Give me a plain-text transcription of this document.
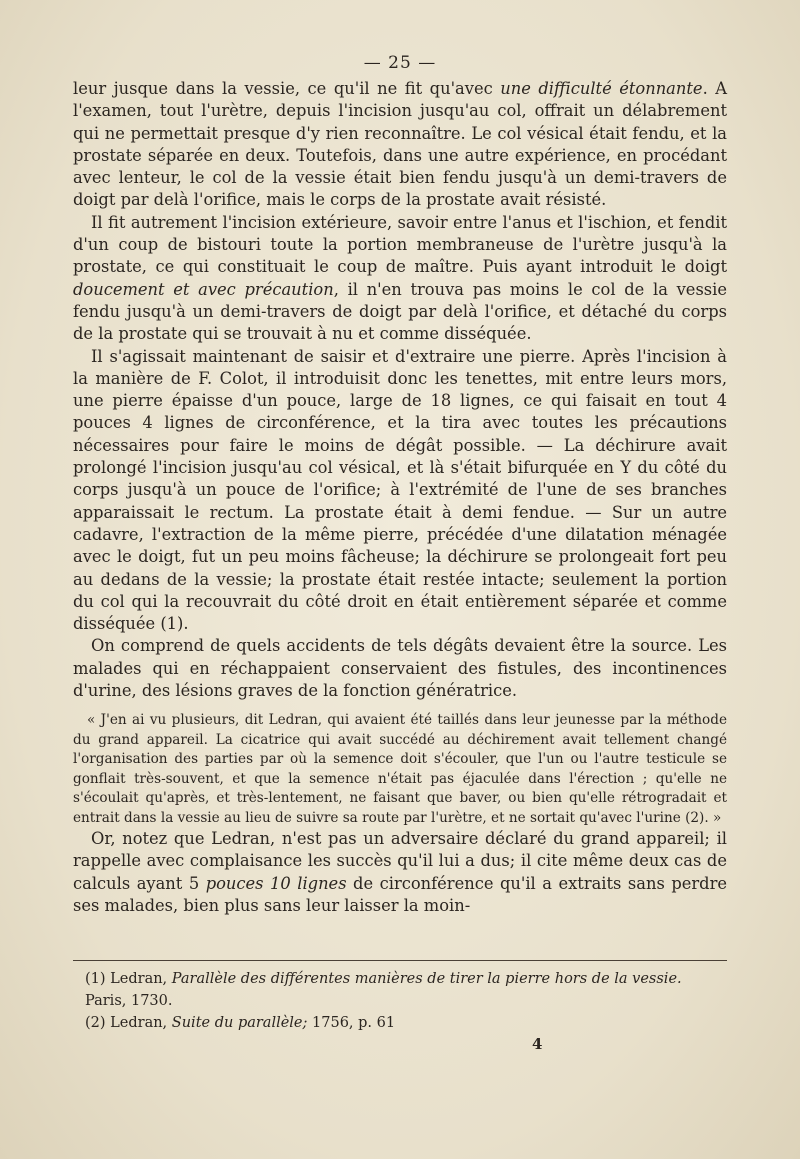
— 25 —

leur jusque dans la vessie, ce qu'il ne fit qu'avec une difficulté étonnante. A l'examen, tout l'urètre, depuis l'incision jusqu'au col, offrait un délabrement qui ne permettait presque d'y rien reconnaître. Le col vésical était fendu, et la prostate séparée en deux. Toutefois, dans une autre expérience, en procédant avec lenteur, le col de la vessie était bien fendu jusqu'à un demi-travers de doigt par delà l'orifice, mais le corps de la prostate avait résisté.

Il fit autrement l'incision extérieure, savoir entre l'anus et l'ischion, et fendit d'un coup de bistouri toute la portion membraneuse de l'urètre jusqu'à la prostate, ce qui constituait le coup de maître. Puis ayant introduit le doigt doucement et avec précaution, il n'en trouva pas moins le col de la vessie fendu jusqu'à un demi-travers de doigt par delà l'orifice, et détaché du corps de la prostate qui se trouvait à nu et comme disséquée.

Il s'agissait maintenant de saisir et d'extraire une pierre. Après l'incision à la manière de F. Colot, il introduisit donc les tenettes, mit entre leurs mors, une pierre épaisse d'un pouce, large de 18 lignes, ce qui faisait en tout 4 pouces 4 lignes de circonférence, et la tira avec toutes les précautions nécessaires pour faire le moins de dégât possible. — La déchirure avait prolongé l'incision jusqu'au col vésical, et là s'était bifurquée en Y du côté du corps jusqu'à un pouce de l'orifice; à l'extrémité de l'une de ses branches apparaissait le rectum. La prostate était à demi fendue. — Sur un autre cadavre, l'extraction de la même pierre, précédée d'une dilatation ménagée avec le doigt, fut un peu moins fâcheuse; la déchirure se prolongeait fort peu au dedans de la vessie; la prostate était restée intacte; seulement la portion du col qui la recouvrait du côté droit en était entièrement séparée et comme disséquée (1).

On comprend de quels accidents de tels dégâts devaient être la source. Les malades qui en réchappaient conservaient des fistules, des incontinences d'urine, des lésions graves de la fonction génératrice.

« J'en ai vu plusieurs, dit Ledran, qui avaient été taillés dans leur jeunesse par la méthode du grand appareil. La cicatrice qui avait succédé au déchirement avait tellement changé l'organisation des parties par où la semence doit s'écouler, que l'un ou l'autre testicule se gonflait très-souvent, et que la semence n'était pas éjaculée dans l'érection ; qu'elle ne s'écoulait qu'après, et très-lentement, ne faisant que baver, ou bien qu'elle rétrogradait et entrait dans la vessie au lieu de suivre sa route par l'urètre, et ne sortait qu'avec l'urine (2). »

Or, notez que Ledran, n'est pas un adversaire déclaré du grand appareil; il rappelle avec complaisance les succès qu'il lui a dus; il cite même deux cas de calculs ayant 5 pouces 10 lignes de circonférence qu'il a extraits sans perdre ses malades, bien plus sans leur laisser la moin-

(1) Ledran, Parallèle des différentes manières de tirer la pierre hors de la vessie. Paris, 1730.

(2) Ledran, Suite du parallèle; 1756, p. 61

4
